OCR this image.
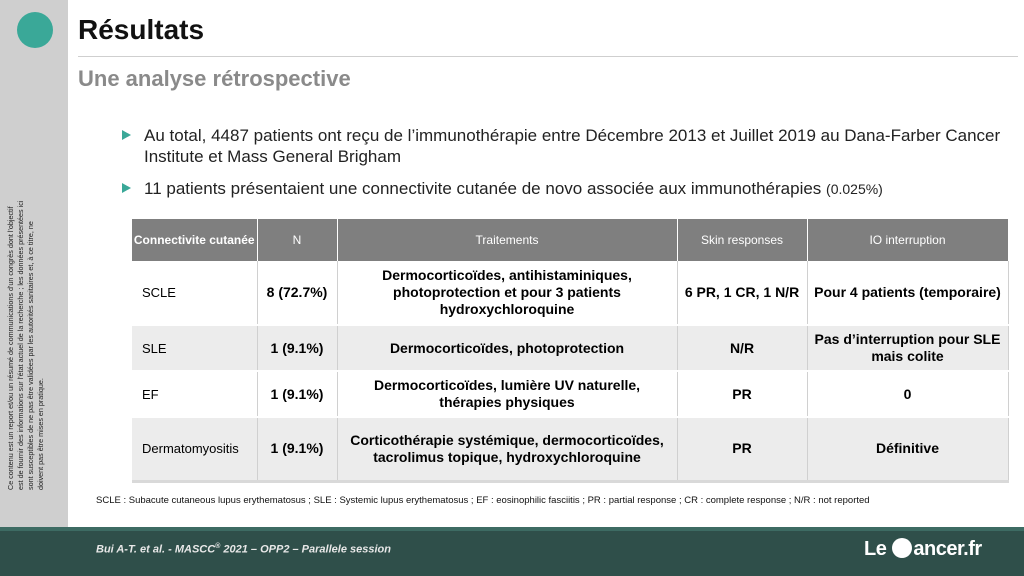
Ce contenu est un report et/ou un résumé de communications d'un congrès dont l'objectif est de fournir des informations sur l'état actuel de la recherche ; les données présentées ici sont susceptibles de ne pas être validées par les autorités sanitaires et, à ce titre, ne doivent pas être mises en pratique.
Résultats
Une analyse rétrospective
Au total, 4487 patients ont reçu de l’immunothérapie entre Décembre 2013 et Juillet 2019 au Dana-Farber Cancer Institute et Mass General Brigham
11 patients présentaient une connectivite cutanée de novo associée aux immunothérapies (0.025%)
Connectivite cutanée	N	Traitements	Skin responses	IO interruption
SCLE	8 (72.7%)	Dermocorticoïdes, antihistaminiques, photoprotection et pour 3 patients hydroxychloroquine	6 PR, 1 CR, 1 N/R	Pour 4 patients (temporaire)
SLE	1 (9.1%)	Dermocorticoïdes, photoprotection	N/R	Pas d’interruption pour SLE mais colite
EF	1 (9.1%)	Dermocorticoïdes, lumière UV naturelle, thérapies physiques	PR	0
Dermatomyositis	1 (9.1%)	Corticothérapie systémique, dermocorticoïdes, tacrolimus topique, hydroxychloroquine	PR	Définitive
SCLE : Subacute cutaneous lupus erythematosus ; SLE : Systemic lupus erythematosus ; EF : eosinophilic fasciitis ; PR : partial response ; CR : complete response ; N/R : not reported
Bui A-T. et al. - MASCC® 2021 – OPP2 – Parallele session	Le ancer.fr
